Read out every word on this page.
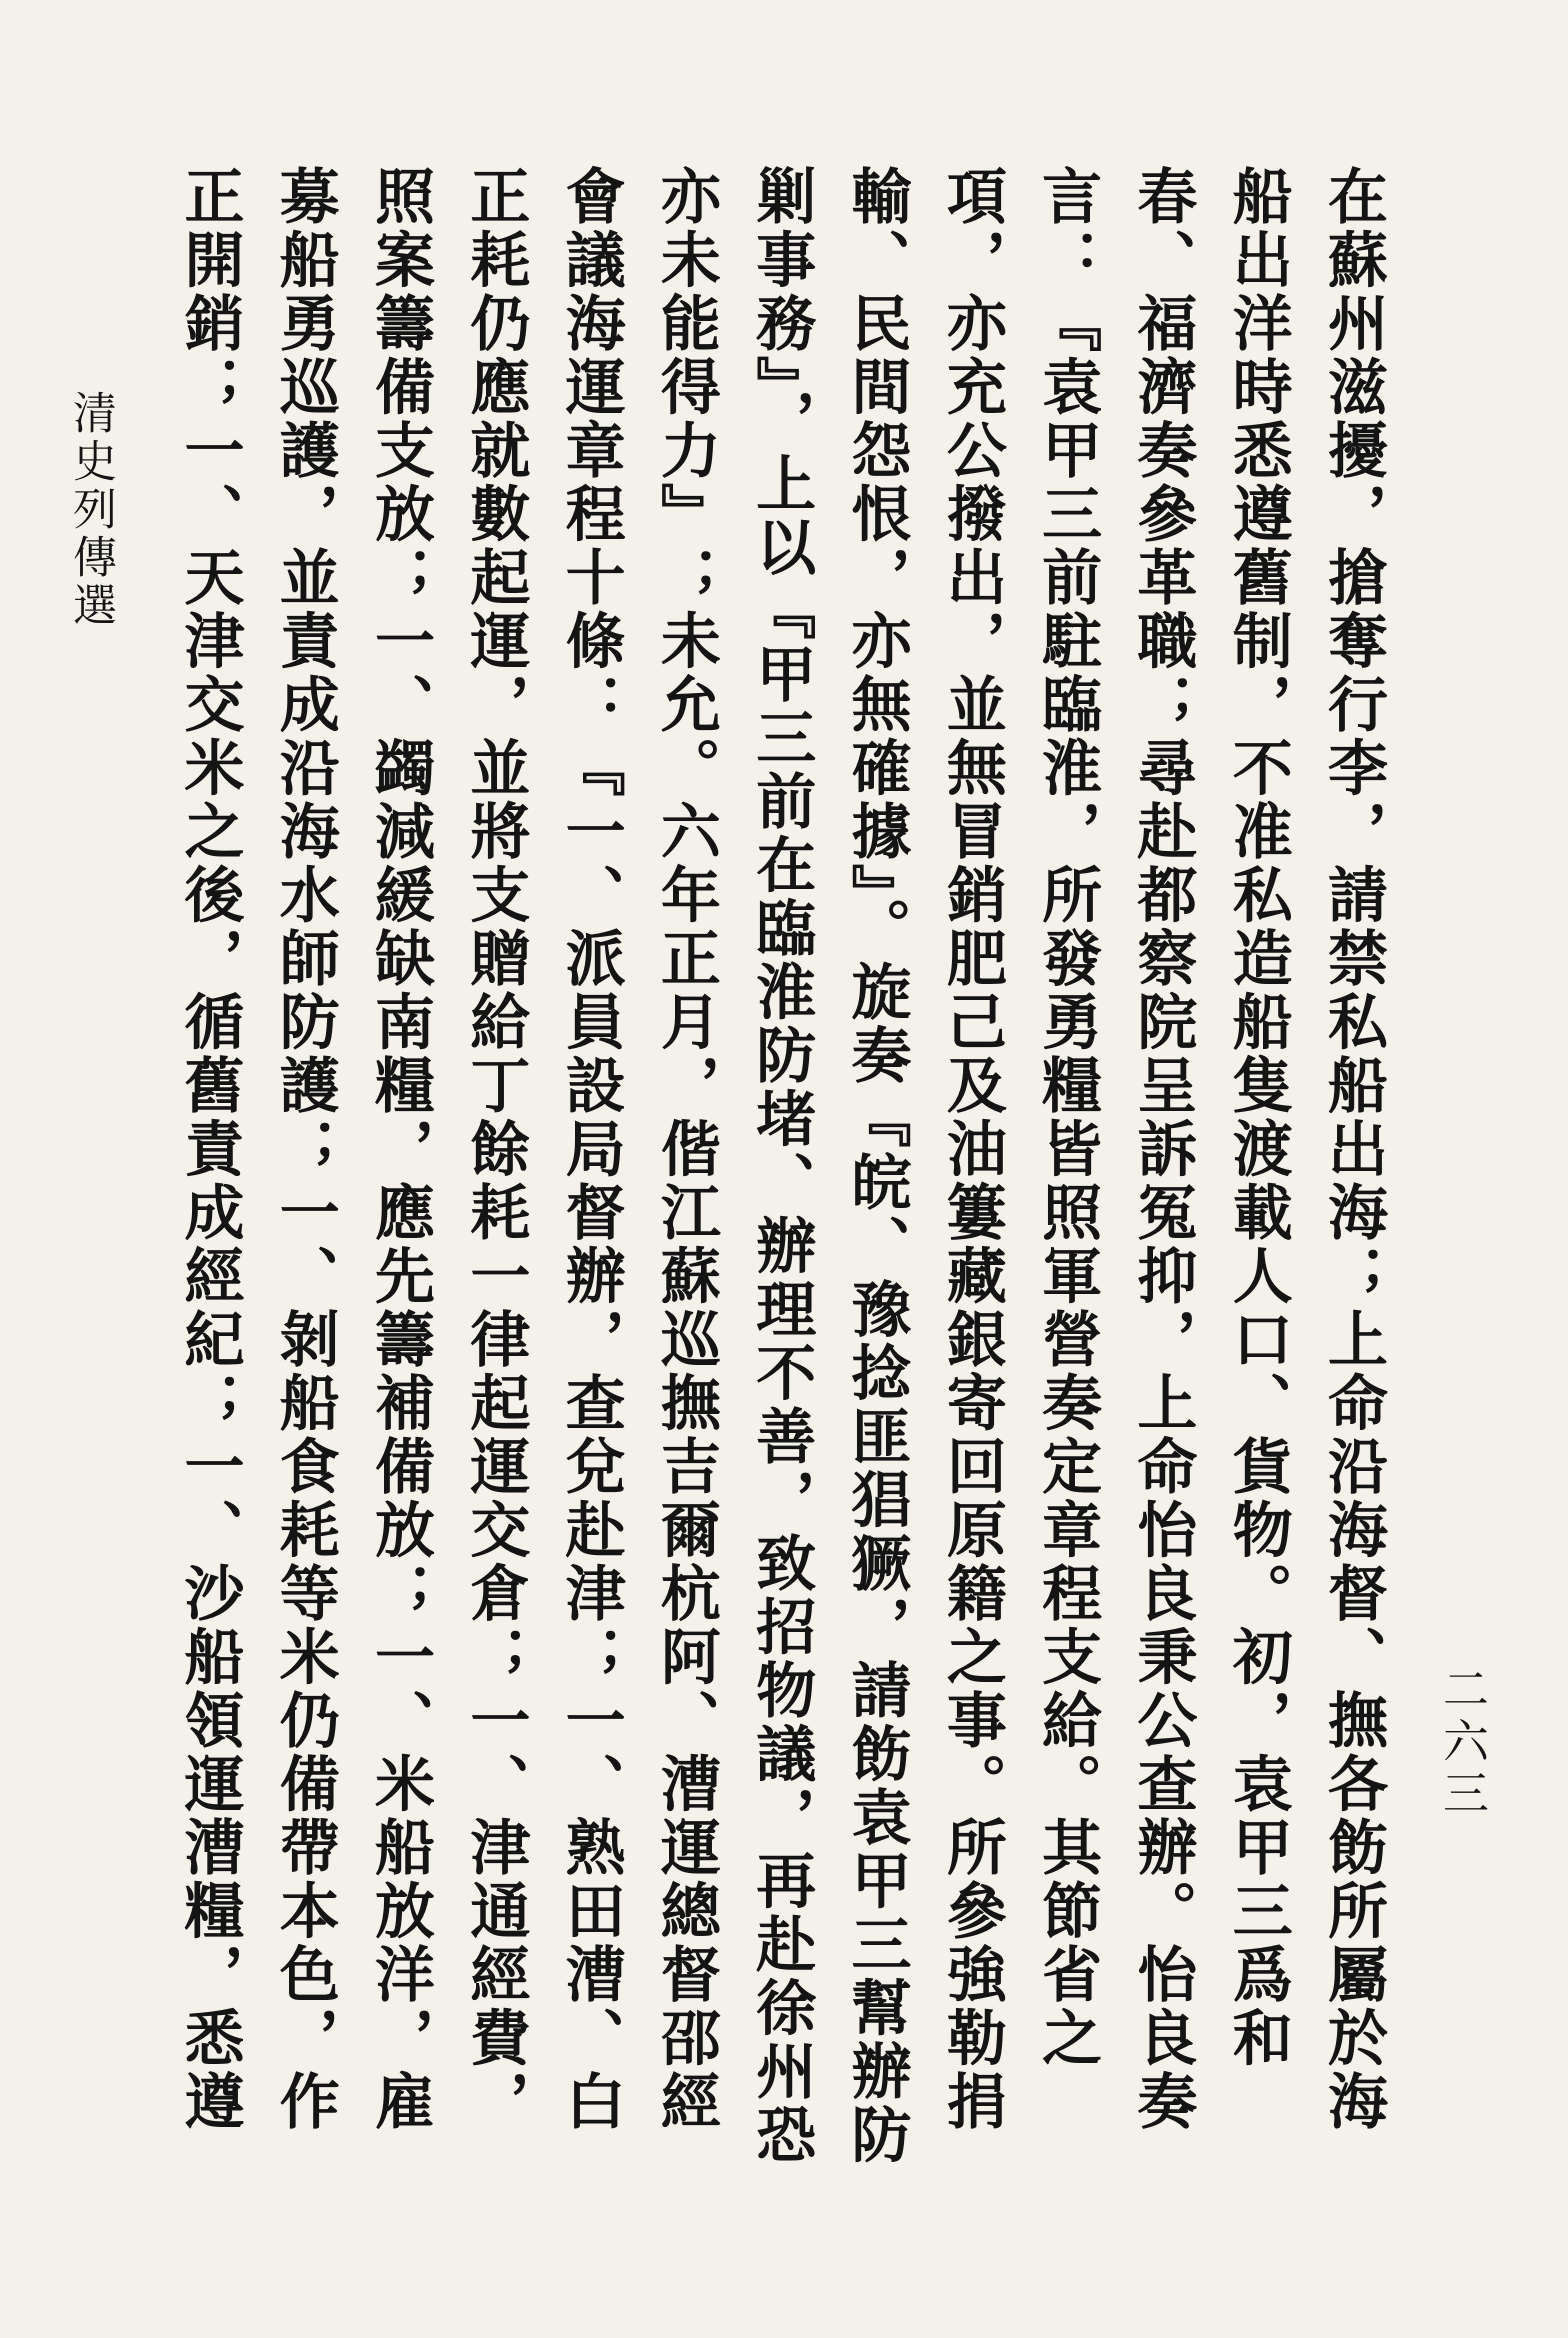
清史列傳選

在蘇州滋擾，搶奪行李，請禁私船出海；上命沿海督、撫各飭所屬於海船出洋時悉遵舊制，不准私造船隻渡載人口、貨物。初，袁甲三爲和春、福濟奏參革職；尋赴都察院呈訴冤抑，上命怡良秉公查辦。怡良奏言：『袁甲三前駐臨淮，所發勇糧皆照軍營奏定章程支給。其節省之項，亦充公撥出，並無冒銷肥己及油簍藏銀寄回原籍之事。所參強勒捐輸、民間怨恨，亦無確據』。旋奏『皖、豫捻匪猖獗，請飭袁甲三幫辦防剿事務』，上以『甲三前在臨淮防堵、辦理不善，致招物議，再赴徐州恐亦未能得力』；未允。六年正月，偕江蘇巡撫吉爾杭阿、漕運總督邵經會議海運章程十條：『一、派員設局督辦，查兌赴津；一、熟田漕、白正耗仍應就數起運，並將支贈給丁餘耗一律起運交倉；一、津通經費，照案籌備支放；一、蠲減緩缺南糧，應先籌補備放；一、米船放洋，雇募船勇巡護，並責成沿海水師防護；一、剝船食耗等米仍備帶本色，作正開銷；一、天津交米之後，循舊責成經紀；一、沙船領運漕糧，悉遵

二六三
